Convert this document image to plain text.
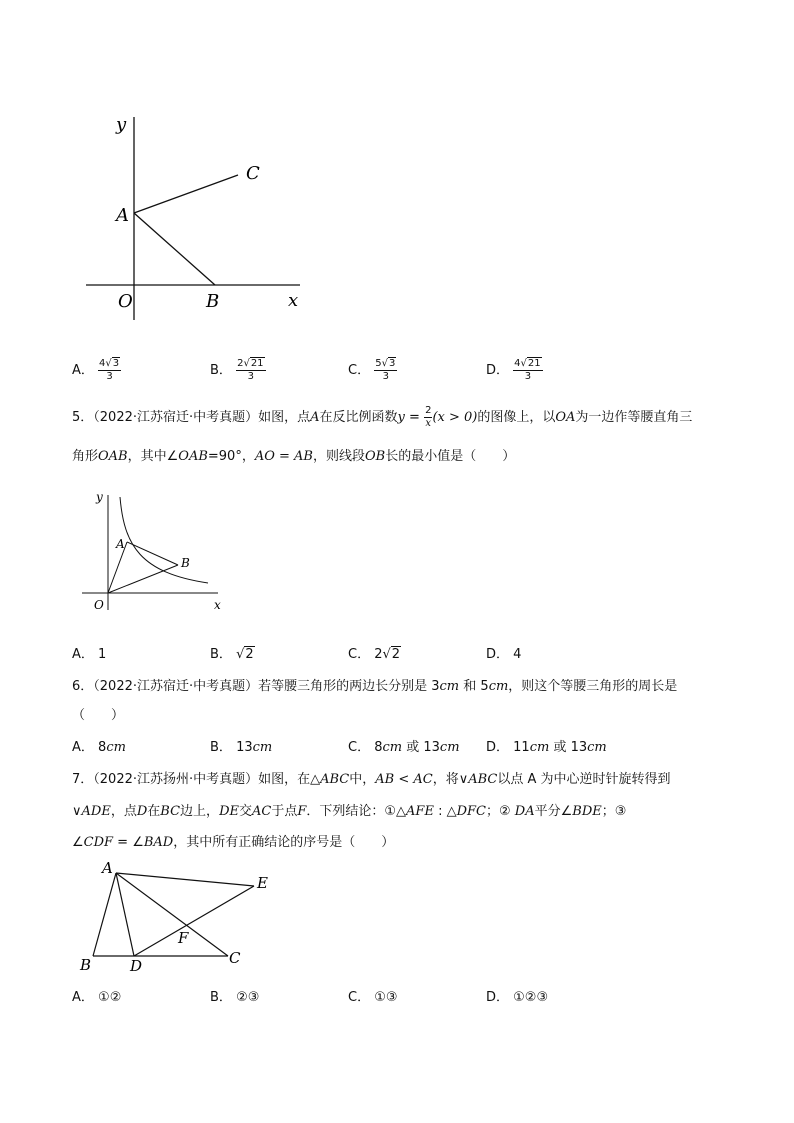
y
x
O
A
B
C
A． $\frac{4√3}{3}$	B． $\frac{2√21}{3}$	C． $\frac{5√3}{3}$	D． $\frac{4√21}{3}$
5．（2022·江苏宿迁·中考真题）如图，点A在反比例函数$y = \frac{2}{x} (x > 0)$的图像上，以OA为一边作等腰直角三
角形OAB，其中∠OAB=90°，AO = AB，则线段OB长的最小值是（　　）
y
x
O
A
B
A． 1	B． √2	C． 2√2	D． 4
6．（2022·江苏宿迁·中考真题）若等腰三角形的两边长分别是 3cm 和 5cm，则这个等腰三角形的周长是
（　　）
A． 8cm	B． 13cm	C． 8cm 或 13cm D． 11cm 或 13cm
7．（2022·江苏扬州·中考真题）如图，在△ABC中，AB < AC，将∨ABC以点 A 为中心逆时针旋转得到
∨ADE，点D在BC边上，DE交AC于点F．下列结论：①△AFE : △DFC；② DA平分∠BDE；③
∠CDF = ∠BAD，其中所有正确结论的序号是（　　）
A
E
F
B	D	C
A． ①②	B． ②③	C． ①③	D． ①②③
